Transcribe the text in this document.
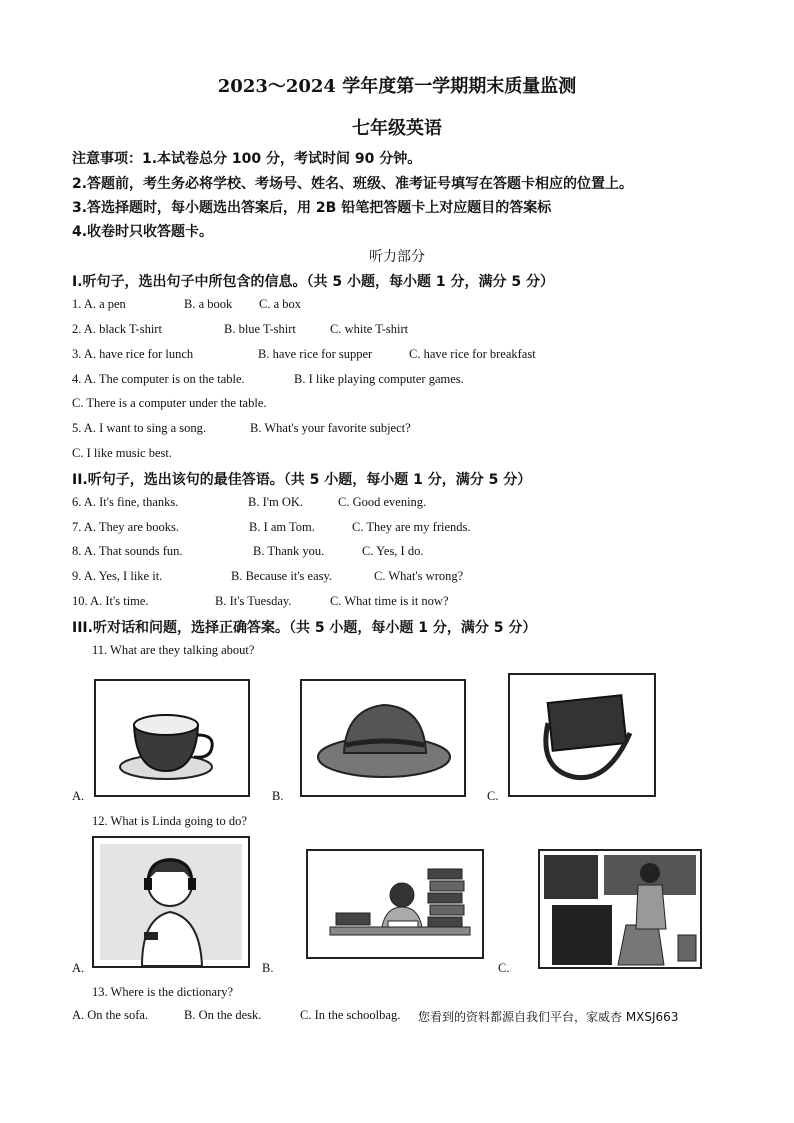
2023～2024 学年度第一学期期末质量监测
七年级英语
注意事项：1.本试卷总分 100 分，考试时间 90 分钟。
2.答题前，考生务必将学校、考场号、姓名、班级、准考证号填写在答题卡相应的位置上。
3.答选择题时，每小题选出答案后，用 2B 铅笔把答题卡上对应题目的答案标
4.收卷时只收答题卡。
听力部分
I.听句子，选出句子中所包含的信息。（共 5 小题，每小题 1 分，满分 5 分）
1. A. a pen	B. a book C. a box
2. A. black T-shirt	B. blue T-shirt	C. white T-shirt
3. A. have rice for lunch	B. have rice for supper	C. have rice for breakfast
4. A. The computer is on the table.	B. I like playing computer games.
C. There is a computer under the table.
5. A. I want to sing a song.	B. What's your favorite subject?
C. I like music best.
II.听句子，选出该句的最佳答语。（共 5 小题，每小题 1 分，满分 5 分）
6. A. It's fine, thanks.	B. I'm OK.	C. Good evening.
7. A. They are books.	B. I am Tom.	C. They are my friends.
8. A. That sounds fun.	B. Thank you.	C. Yes, I do.
9. A. Yes, I like it.	B. Because it's easy.	C. What's wrong?
10. A. It's time.	B. It's Tuesday.	C. What time is it now?
III.听对话和问题，选择正确答案。（共 5 小题，每小题 1 分，满分 5 分）
11. What are they talking about?
A.	B.	C.
12. What is Linda going to do?
A.	B.	C.
13. Where is the dictionary?
A. On the sofa.	B. On the desk.	C. In the schoolbag. 您看到的资料都源自我们平台，家威杏 MXSJ663
